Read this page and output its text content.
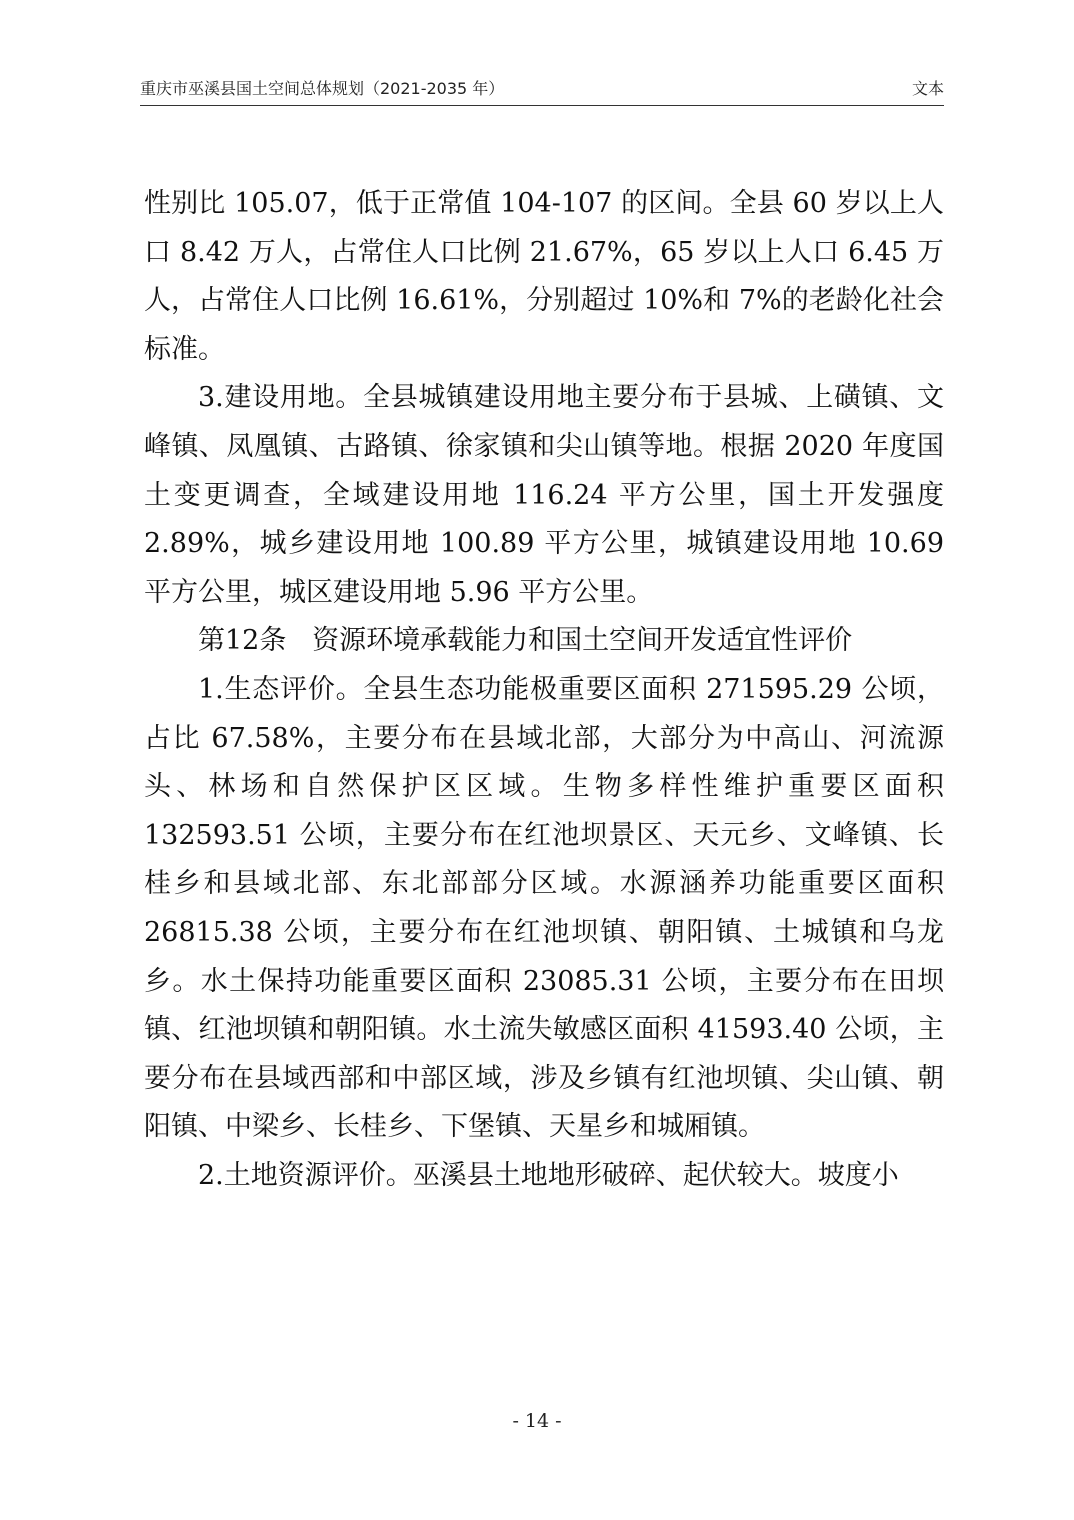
重庆市巫溪县国土空间总体规划（2021-2035 年）	文本

性别比 105.07，低于正常值 104-107 的区间。全县 60 岁以上人口 8.42 万人，占常住人口比例 21.67%，65 岁以上人口 6.45 万人，占常住人口比例 16.61%，分别超过 10%和 7%的老龄化社会标准。

3.建设用地。全县城镇建设用地主要分布于县城、上磺镇、文峰镇、凤凰镇、古路镇、徐家镇和尖山镇等地。根据 2020 年度国土变更调查，全域建设用地 116.24 平方公里，国土开发强度 2.89%，城乡建设用地 100.89 平方公里，城镇建设用地 10.69 平方公里，城区建设用地 5.96 平方公里。

第12条   资源环境承载能力和国土空间开发适宜性评价

1.生态评价。全县生态功能极重要区面积 271595.29 公顷，占比 67.58%，主要分布在县域北部，大部分为中高山、河流源头、林场和自然保护区区域。生物多样性维护重要区面积 132593.51 公顷，主要分布在红池坝景区、天元乡、文峰镇、长桂乡和县域北部、东北部部分区域。水源涵养功能重要区面积 26815.38 公顷，主要分布在红池坝镇、朝阳镇、土城镇和乌龙乡。水土保持功能重要区面积 23085.31 公顷，主要分布在田坝镇、红池坝镇和朝阳镇。水土流失敏感区面积 41593.40 公顷，主要分布在县域西部和中部区域，涉及乡镇有红池坝镇、尖山镇、朝阳镇、中梁乡、长桂乡、下堡镇、天星乡和城厢镇。

2.土地资源评价。巫溪县土地地形破碎、起伏较大。坡度小

- 14 -
